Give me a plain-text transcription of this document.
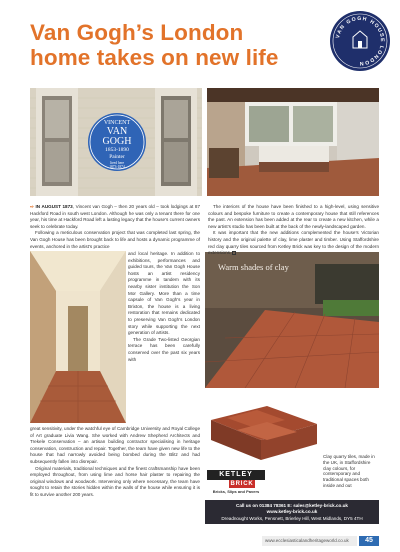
Van Gogh’s London
home takes on new life
VAN GOGH HOUSE LONDON
VINCENT
VAN
GOGH
1853-1890
Painter
lived here
1873-1874
Warm shades of clay

⇨ IN AUGUST 1873, Vincent van Gogh – then 20 years old – took lodgings at 87 Hackford Road in south west London. Although he was only a tenant there for one year, his time at Hackford Road left a lasting legacy that the house’s current owners seek to celebrate today.

Following a meticulous conservation project that was completed last spring, the Van Gogh House has been brought back to life and hosts a dynamic programme of events, anchored in the artist’s practice

and local heritage. In addition to exhibitions, performances and guided tours, the Van Gogh House hosts an artist residency programme in tandem with its nearby sister institution the Son Mor Gallery. More than a time capsule of Van Gogh’s year in Brixton, the house is a living restoration that remains dedicated to preserving Van Gogh’s London story while supporting the next generation of artists.

The Grade Two-listed Georgian terrace has been carefully conserved over the past six years with

great sensitivity, under the watchful eye of Cambridge University and Royal College of Art graduate Livia Wang. She worked with Andrew Shepherd Architects and Trekele Conservation – an artisan building contractor specialising in heritage conservation, construction and repair. Together, the team have given new life to the house that had narrowly avoided being bombed during the Blitz and had subsequently fallen into disrepair.

Original materials, traditional techniques and the finest craftsmanship have been employed throughout, from using lime and horse hair plaster to repairing the original windows and woodwork. Intervening only where necessary, the team have sought to retain the stories hidden within the walls of the house while ensuring it is fit to survive another 200 years.

The interiors of the house have been finished to a high-level, using sensitive colours and bespoke furniture to create a contemporary house that still references the past. An extension has been added at the rear to create a new kitchen, while a new artist’s studio has been built at the back of the newly-landscaped garden.

It was important that the new additions complemented the house’s Victorian history and the original palette of clay, lime plaster and timber. Using Staffordshire red clay quarry tiles sourced from Ketley Brick was key to the design of the modern extensions.

KETLEY
BRICK
Bricks, Slips and Pavers
Clay quarry tiles, made in the UK, in Staffordshire clay colours, for contemporary and traditional spaces both inside and out
Call us on 01384 78361 E: sales@ketley-brick.co.uk
www.ketley-brick.co.uk
Dreadnought Works, Pensnett, Brierley Hill, West Midlands, DY5 4TH
www.ecclesiasticalandheritageworld.co.uk	45
